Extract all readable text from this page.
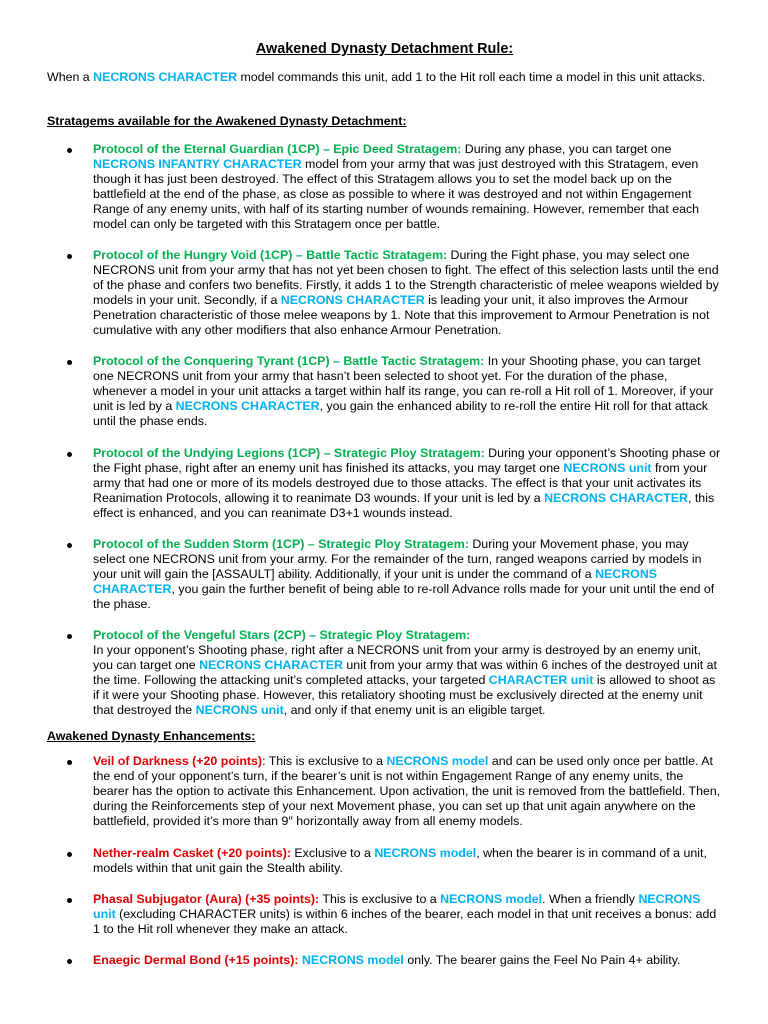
Awakened Dynasty Detachment Rule:
When a NECRONS CHARACTER model commands this unit, add 1 to the Hit roll each time a model in this unit attacks.
Stratagems available for the Awakened Dynasty Detachment:
Protocol of the Eternal Guardian (1CP) – Epic Deed Stratagem: During any phase, you can target one NECRONS INFANTRY CHARACTER model from your army that was just destroyed with this Stratagem, even though it has just been destroyed. The effect of this Stratagem allows you to set the model back up on the battlefield at the end of the phase, as close as possible to where it was destroyed and not within Engagement Range of any enemy units, with half of its starting number of wounds remaining. However, remember that each model can only be targeted with this Stratagem once per battle.
Protocol of the Hungry Void (1CP) – Battle Tactic Stratagem: During the Fight phase, you may select one NECRONS unit from your army that has not yet been chosen to fight. The effect of this selection lasts until the end of the phase and confers two benefits. Firstly, it adds 1 to the Strength characteristic of melee weapons wielded by models in your unit. Secondly, if a NECRONS CHARACTER is leading your unit, it also improves the Armour Penetration characteristic of those melee weapons by 1. Note that this improvement to Armour Penetration is not cumulative with any other modifiers that also enhance Armour Penetration.
Protocol of the Conquering Tyrant (1CP) – Battle Tactic Stratagem: In your Shooting phase, you can target one NECRONS unit from your army that hasn’t been selected to shoot yet. For the duration of the phase, whenever a model in your unit attacks a target within half its range, you can re-roll a Hit roll of 1. Moreover, if your unit is led by a NECRONS CHARACTER, you gain the enhanced ability to re-roll the entire Hit roll for that attack until the phase ends.
Protocol of the Undying Legions (1CP) – Strategic Ploy Stratagem: During your opponent’s Shooting phase or the Fight phase, right after an enemy unit has finished its attacks, you may target one NECRONS unit from your army that had one or more of its models destroyed due to those attacks. The effect is that your unit activates its Reanimation Protocols, allowing it to reanimate D3 wounds. If your unit is led by a NECRONS CHARACTER, this effect is enhanced, and you can reanimate D3+1 wounds instead.
Protocol of the Sudden Storm (1CP) – Strategic Ploy Stratagem: During your Movement phase, you may select one NECRONS unit from your army. For the remainder of the turn, ranged weapons carried by models in your unit will gain the [ASSAULT] ability. Additionally, if your unit is under the command of a NECRONS CHARACTER, you gain the further benefit of being able to re-roll Advance rolls made for your unit until the end of the phase.
Protocol of the Vengeful Stars (2CP) – Strategic Ploy Stratagem:
In your opponent’s Shooting phase, right after a NECRONS unit from your army is destroyed by an enemy unit, you can target one NECRONS CHARACTER unit from your army that was within 6 inches of the destroyed unit at the time. Following the attacking unit’s completed attacks, your targeted CHARACTER unit is allowed to shoot as if it were your Shooting phase. However, this retaliatory shooting must be exclusively directed at the enemy unit that destroyed the NECRONS unit, and only if that enemy unit is an eligible target.
Awakened Dynasty Enhancements:
Veil of Darkness (+20 points): This is exclusive to a NECRONS model and can be used only once per battle. At the end of your opponent’s turn, if the bearer’s unit is not within Engagement Range of any enemy units, the bearer has the option to activate this Enhancement. Upon activation, the unit is removed from the battlefield. Then, during the Reinforcements step of your next Movement phase, you can set up that unit again anywhere on the battlefield, provided it’s more than 9″ horizontally away from all enemy models.
Nether-realm Casket (+20 points): Exclusive to a NECRONS model, when the bearer is in command of a unit, models within that unit gain the Stealth ability.
Phasal Subjugator (Aura) (+35 points): This is exclusive to a NECRONS model. When a friendly NECRONS unit (excluding CHARACTER units) is within 6 inches of the bearer, each model in that unit receives a bonus: add 1 to the Hit roll whenever they make an attack.
Enaegic Dermal Bond (+15 points): NECRONS model only. The bearer gains the Feel No Pain 4+ ability.
